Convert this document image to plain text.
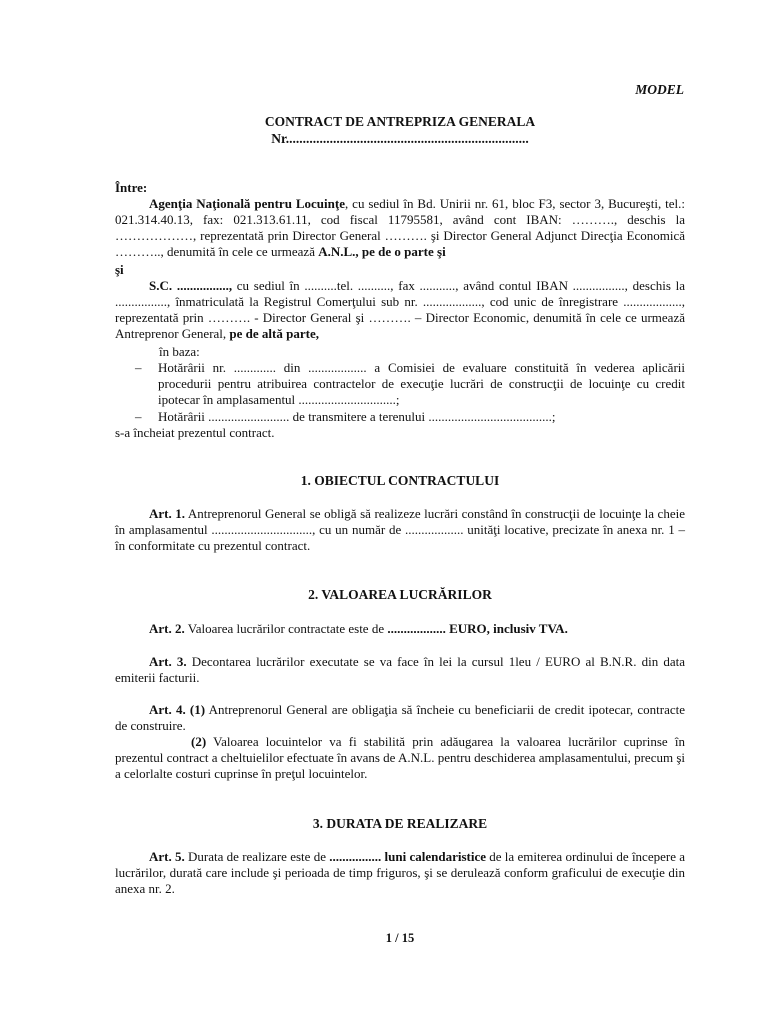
MODEL
CONTRACT DE ANTREPRIZA GENERALA
Nr........................................................................
Între:
Agenţia Naţională pentru Locuinţe, cu sediul în Bd. Unirii nr. 61, bloc F3, sector 3, Bucureşti, tel.: 021.314.40.13, fax: 021.313.61.11, cod fiscal 11795581, având cont IBAN: ………., deschis la ………………, reprezentată prin Director General ………. şi Director General Adjunct Direcţia Economică ……….., denumită în cele ce urmează A.N.L., pe de o parte şi
şi
S.C. ................, cu sediul în ..........tel. .........., fax ..........., având contul IBAN ................, deschis la ................, înmatriculată la Registrul Comerţului sub nr. .................., cod unic de înregistrare .................., reprezentată prin ………. - Director General şi ………. – Director Economic, denumită în cele ce urmează Antreprenor General, pe de altă parte,
în baza:
– Hotărârii nr. ............. din .................. a Comisiei de evaluare constituită în vederea aplicării procedurii pentru atribuirea contractelor de execuţie lucrări de construcţii de locuinţe cu credit ipotecar în amplasamentul ..............................;
– Hotărârii ......................... de transmitere a terenului ......................................;
s-a încheiat prezentul contract.
1. OBIECTUL CONTRACTULUI
Art. 1. Antreprenorul General se obligă să realizeze lucrări constând în construcţii de locuinţe la cheie în amplasamentul ..............................., cu un număr de .................. unităţi locative, precizate în anexa nr. 1 – în conformitate cu prezentul contract.
2. VALOAREA LUCRĂRILOR
Art. 2. Valoarea lucrărilor contractate este de .................. EURO, inclusiv TVA.
Art. 3. Decontarea lucrărilor executate se va face în lei la cursul 1leu / EURO al B.N.R. din data emiterii facturii.
Art. 4. (1) Antreprenorul General are obligaţia să încheie cu beneficiarii de credit ipotecar, contracte de construire.
(2) Valoarea locuintelor va fi stabilită prin adăugarea la valoarea lucrărilor cuprinse în prezentul contract a cheltuielilor efectuate în avans de A.N.L. pentru deschiderea amplasamentului, precum şi a celorlalte costuri cuprinse în preţul locuintelor.
3. DURATA DE REALIZARE
Art. 5. Durata de realizare este de ................ luni calendaristice de la emiterea ordinului de începere a lucrărilor, durată care include şi perioada de timp friguros, şi se derulează conform graficului de execuţie din anexa nr. 2.
1 / 15
